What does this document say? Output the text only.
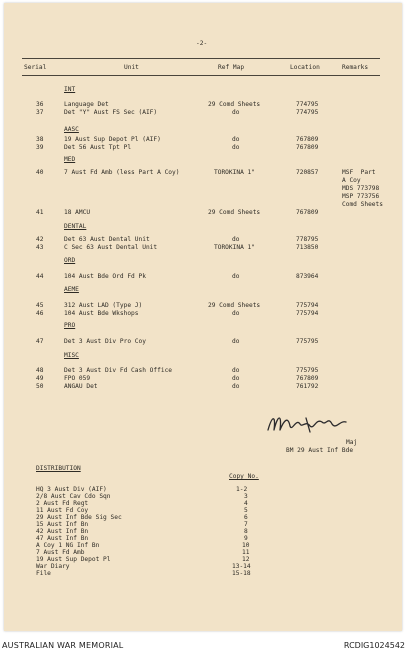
-2-
Serial	Unit	Ref Map	Location	Remarks
INT
AASC
MED
DENTAL
ORD
AEME
PRO
MISC
36	Language Det	29 Comd Sheets	774795
37	Det "Y" Aust FS Sec (AIF)	do	774795
38	19 Aust Sup Depot Pl (AIF)	do	767809
39	Det 56 Aust Tpt Pl	do	767809
40	7 Aust Fd Amb (less Part A Coy)	TOROKINA 1"	720857	MSF  Part
A Coy
MDS 773798
MSP 773756
Comd Sheets
41	18 AMCU	29 Comd Sheets	767809
42	Det 63 Aust Dental Unit	do	778795
43	C Sec 63 Aust Dental Unit	TOROKINA 1"	713850
44	104 Aust Bde Ord Fd Pk	do	873964
45	312 Aust LAD (Type J)	29 Comd Sheets	775794
46	104 Aust Bde Wkshops	do	775794
47	Det 3 Aust Div Pro Coy	do	775795
48	Det 3 Aust Div Fd Cash Office	do	775795
49	FPO 059	do	767809
50	ANGAU Det	do	761792
Maj
BM 29 Aust Inf Bde
DISTRIBUTION
Copy No.
HQ 3 Aust Div (AIF)	1-2
2/8 Aust Cav Cdo Sqn	3
2 Aust Fd Regt	4
11 Aust Fd Coy	5
29 Aust Inf Bde Sig Sec	6
15 Aust Inf Bn	7
42 Aust Inf Bn	8
47 Aust Inf Bn	9
A Coy 1 NG Inf Bn	10
7 Aust Fd Amb	11
19 Aust Sup Depot Pl	12
War Diary	13-14
File	15-18
AUSTRALIAN WAR MEMORIAL	RCDIG1024542
